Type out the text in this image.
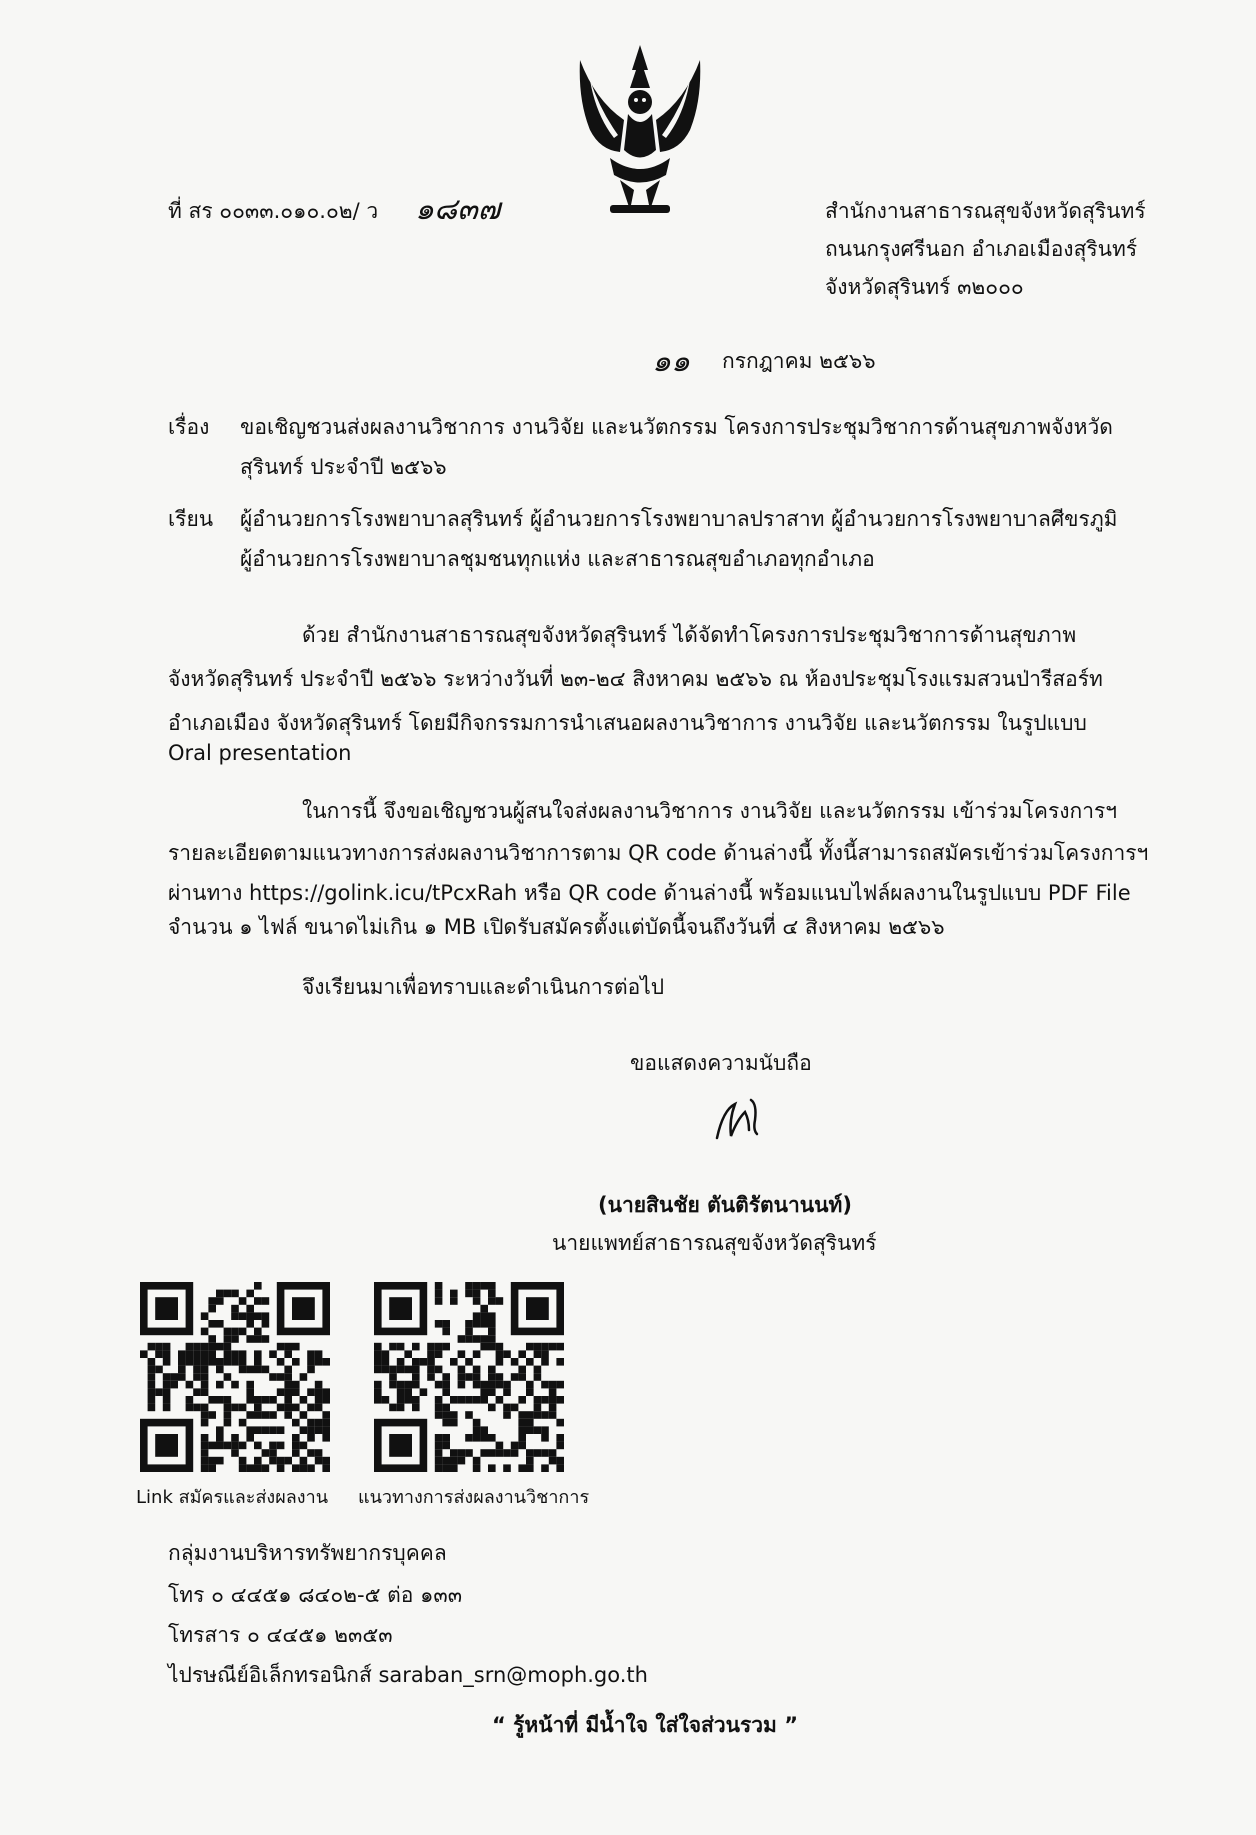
ที่ สร ๐๐๓๓.๐๑๐.๐๒/ ว ๑๘๓๗	สำนักงานสาธารณสุขจังหวัดสุรินทร์
ถนนกรุงศรีนอก อำเภอเมืองสุรินทร์
จังหวัดสุรินทร์ ๓๒๐๐๐
๑๑ กรกฎาคม ๒๕๖๖
เรื่อง ขอเชิญชวนส่งผลงานวิชาการ งานวิจัย และนวัตกรรม โครงการประชุมวิชาการด้านสุขภาพจังหวัด
สุรินทร์ ประจำปี ๒๕๖๖
เรียน ผู้อำนวยการโรงพยาบาลสุรินทร์ ผู้อำนวยการโรงพยาบาลปราสาท ผู้อำนวยการโรงพยาบาลศีขรภูมิ
ผู้อำนวยการโรงพยาบาลชุมชนทุกแห่ง และสาธารณสุขอำเภอทุกอำเภอ
ด้วย สำนักงานสาธารณสุขจังหวัดสุรินทร์ ได้จัดทำโครงการประชุมวิชาการด้านสุขภาพ
จังหวัดสุรินทร์ ประจำปี ๒๕๖๖ ระหว่างวันที่ ๒๓-๒๔ สิงหาคม ๒๕๖๖ ณ ห้องประชุมโรงแรมสวนป่ารีสอร์ท
อำเภอเมือง จังหวัดสุรินทร์ โดยมีกิจกรรมการนำเสนอผลงานวิชาการ งานวิจัย และนวัตกรรม ในรูปแบบ
Oral presentation
ในการนี้ จึงขอเชิญชวนผู้สนใจส่งผลงานวิชาการ งานวิจัย และนวัตกรรม เข้าร่วมโครงการฯ
รายละเอียดตามแนวทางการส่งผลงานวิชาการตาม QR code ด้านล่างนี้ ทั้งนี้สามารถสมัครเข้าร่วมโครงการฯ
ผ่านทาง https://golink.icu/tPcxRah หรือ QR code ด้านล่างนี้ พร้อมแนบไฟล์ผลงานในรูปแบบ PDF File
จำนวน ๑ ไฟล์ ขนาดไม่เกิน ๑ MB เปิดรับสมัครตั้งแต่บัดนี้จนถึงวันที่ ๔ สิงหาคม ๒๕๖๖
จึงเรียนมาเพื่อทราบและดำเนินการต่อไป
ขอแสดงความนับถือ
(นายสินชัย ตันติรัตนานนท์)
นายแพทย์สาธารณสุขจังหวัดสุรินทร์
Link สมัครและส่งผลงาน แนวทางการส่งผลงานวิชาการ
กลุ่มงานบริหารทรัพยากรบุคคล
โทร ๐ ๔๔๕๑ ๘๔๐๒-๕ ต่อ ๑๓๓
โทรสาร ๐ ๔๔๕๑ ๒๓๕๓
ไปรษณีย์อิเล็กทรอนิกส์ saraban_srn@moph.go.th
“ รู้หน้าที่ มีน้ำใจ ใส่ใจส่วนรวม ”
